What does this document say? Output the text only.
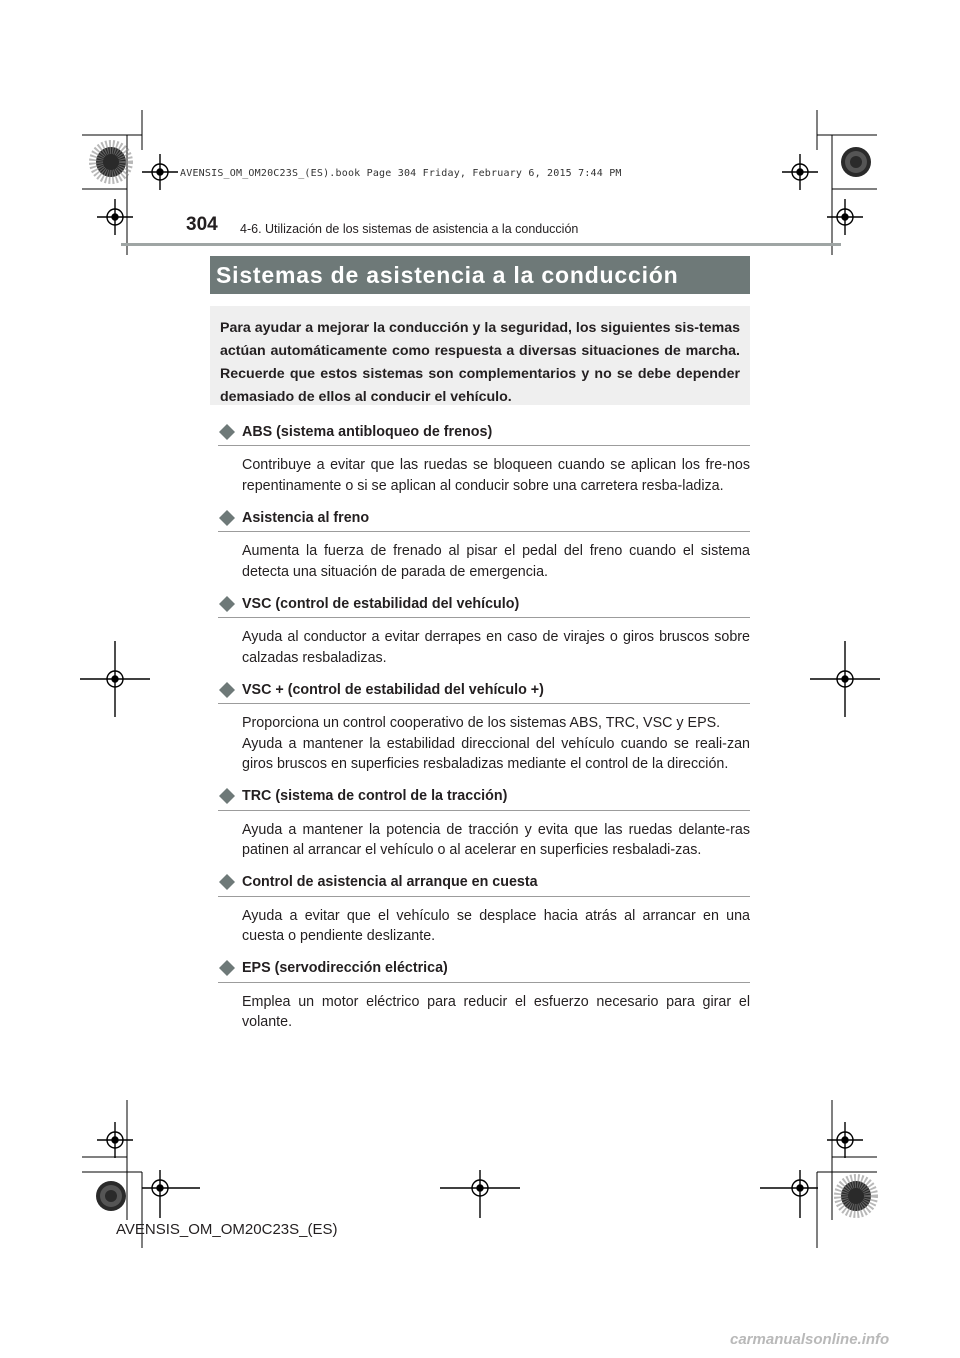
AVENSIS_OM_OM20C23S_(ES).book Page 304 Friday, February 6, 2015 7:44 PM
304 4-6. Utilización de los sistemas de asistencia a la conducción
Sistemas de asistencia a la conducción
Para ayudar a mejorar la conducción y la seguridad, los siguientes sis-temas actúan automáticamente como respuesta a diversas situaciones de marcha. Recuerde que estos sistemas son complementarios y no se debe depender demasiado de ellos al conducir el vehículo.
ABS (sistema antibloqueo de frenos)

Contribuye a evitar que las ruedas se bloqueen cuando se aplican los fre-nos repentinamente o si se aplican al conducir sobre una carretera resba-ladiza.

Asistencia al freno

Aumenta la fuerza de frenado al pisar el pedal del freno cuando el sistema detecta una situación de parada de emergencia.

VSC (control de estabilidad del vehículo)

Ayuda al conductor a evitar derrapes en caso de virajes o giros bruscos sobre calzadas resbaladizas.

VSC + (control de estabilidad del vehículo +)

Proporciona un control cooperativo de los sistemas ABS, TRC, VSC y EPS.

Ayuda a mantener la estabilidad direccional del vehículo cuando se reali-zan giros bruscos en superficies resbaladizas mediante el control de la dirección.

TRC (sistema de control de la tracción)

Ayuda a mantener la potencia de tracción y evita que las ruedas delante-ras patinen al arrancar el vehículo o al acelerar en superficies resbaladi-zas.

Control de asistencia al arranque en cuesta

Ayuda a evitar que el vehículo se desplace hacia atrás al arrancar en una cuesta o pendiente deslizante.

EPS (servodirección eléctrica)

Emplea un motor eléctrico para reducir el esfuerzo necesario para girar el volante.

AVENSIS_OM_OM20C23S_(ES)
carmanualsonline.info
